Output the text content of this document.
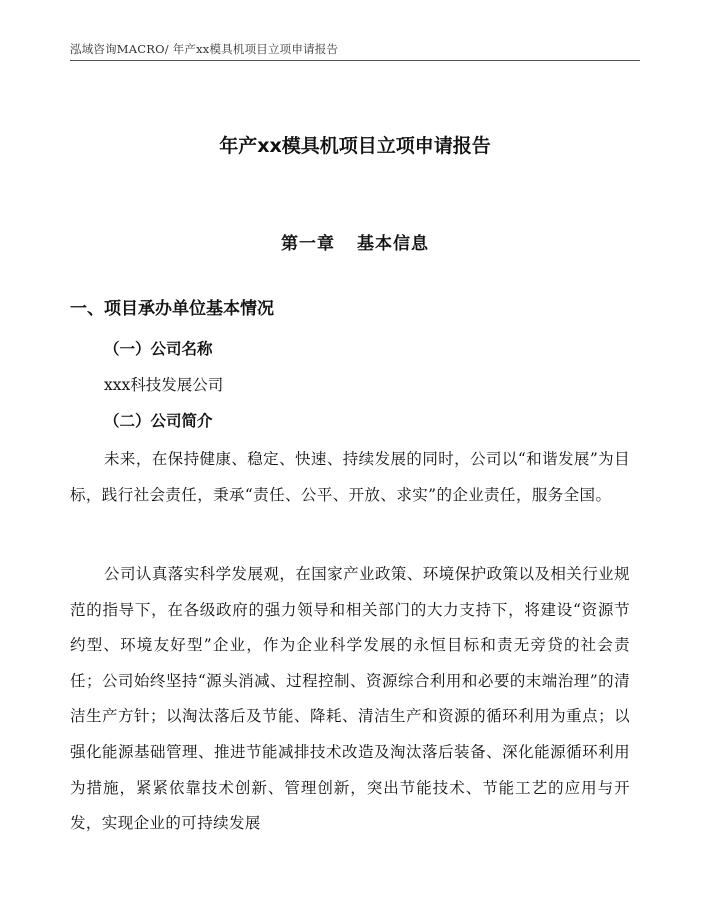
泓域咨询MACRO/ 年产xx模具机项目立项申请报告
年产xx模具机项目立项申请报告
第一章 基本信息
一、项目承办单位基本情况
（一）公司名称
xxx科技发展公司
（二）公司简介
未来，在保持健康、稳定、快速、持续发展的同时，公司以“和谐发展”为目标，践行社会责任，秉承“责任、公平、开放、求实”的企业责任，服务全国。
公司认真落实科学发展观，在国家产业政策、环境保护政策以及相关行业规范的指导下，在各级政府的强力领导和相关部门的大力支持下，将建设“资源节约型、环境友好型”企业，作为企业科学发展的永恒目标和责无旁贷的社会责任；公司始终坚持“源头消减、过程控制、资源综合利用和必要的末端治理”的清洁生产方针；以淘汰落后及节能、降耗、清洁生产和资源的循环利用为重点；以强化能源基础管理、推进节能减排技术改造及淘汰落后装备、深化能源循环利用为措施，紧紧依靠技术创新、管理创新，突出节能技术、节能工艺的应用与开发，实现企业的可持续发展
